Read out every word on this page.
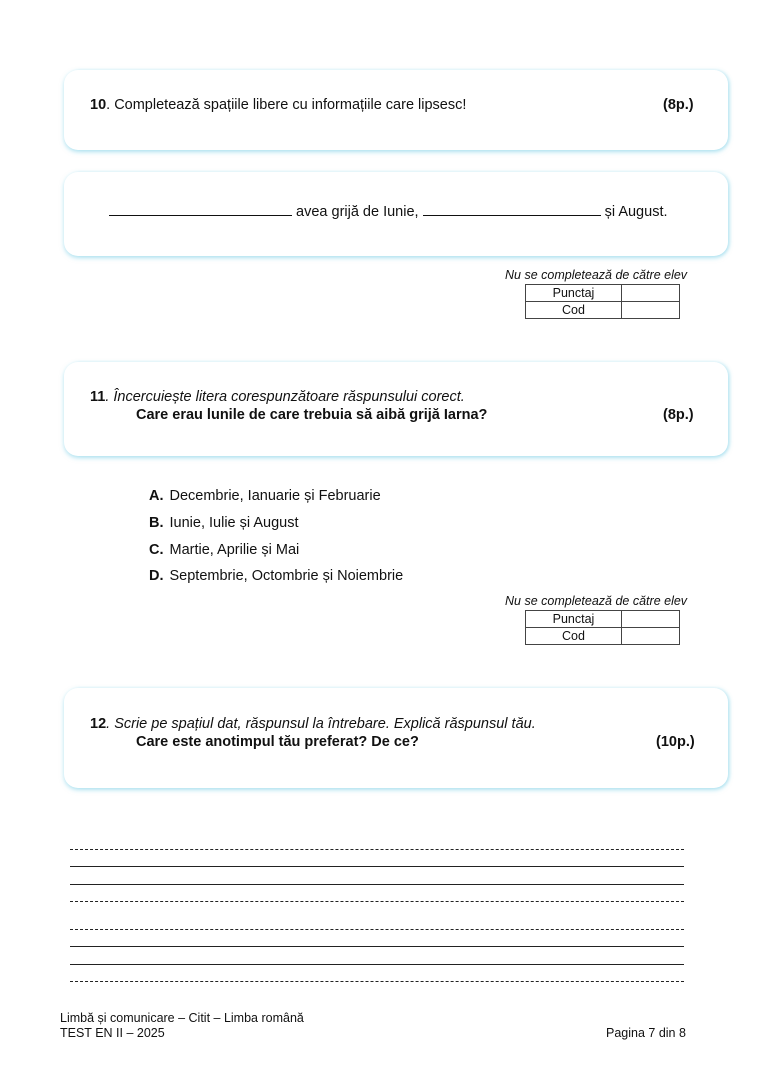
10. Completează spațiile libere cu informațiile care lipsesc!	(8p.)
avea grijă de Iunie,	și August.
Nu se completează de către elev
Punctaj	
Cod	
11. Încercuiește litera corespunzătoare răspunsului corect.
Care erau lunile de care trebuia să aibă grijă Iarna?	(8p.)
A. Decembrie, Ianuarie și Februarie
B. Iunie, Iulie și August
C. Martie, Aprilie și Mai
D. Septembrie, Octombrie și Noiembrie
Nu se completează de către elev
Punctaj	
Cod	
12. Scrie pe spațiul dat, răspunsul la întrebare. Explică răspunsul tău.
Care este anotimpul tău preferat? De ce?	(10p.)
Limbă și comunicare – Citit – Limba română
TEST EN II – 2025	Pagina 7 din 8
